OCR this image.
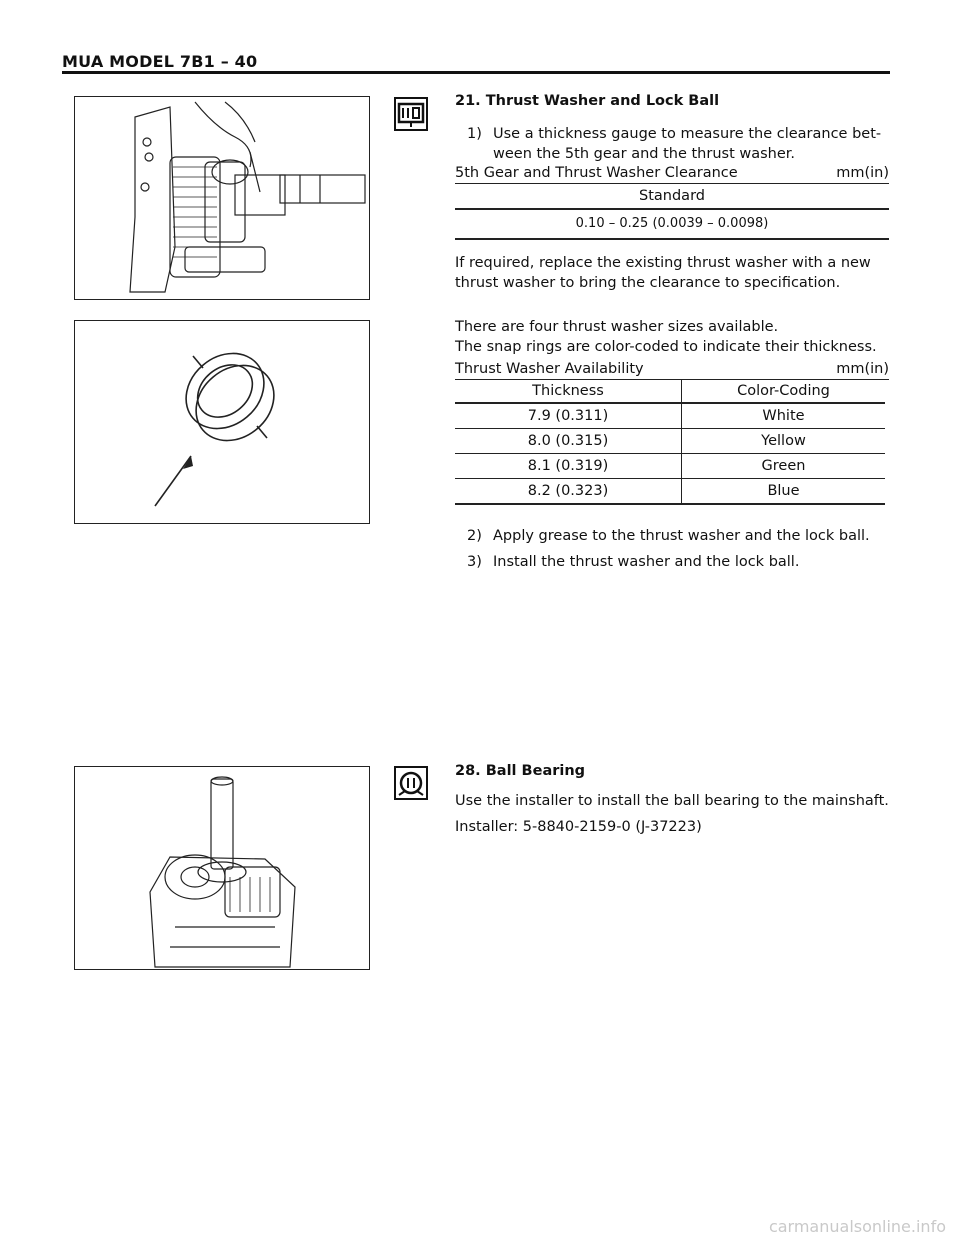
MUA MODEL 7B1 – 40
21. Thrust Washer and Lock Ball
1) Use a thickness gauge to measure the clearance bet-
ween the 5th gear and the thrust washer.
5th Gear and Thrust Washer Clearance	mm(in)
Standard
0.10 – 0.25 (0.0039 – 0.0098)
If required, replace the existing thrust washer with a new
thrust washer to bring the clearance to specification.
There are four thrust washer sizes available.
The snap rings are color-coded to indicate their thickness.
Thrust Washer Availability	mm(in)
Thickness	Color-Coding
7.9 (0.311)	White
8.0 (0.315)	Yellow
8.1 (0.319)	Green
8.2 (0.323)	Blue
2) Apply grease to the thrust washer and the lock ball.
3) Install the thrust washer and the lock ball.
28. Ball Bearing
Use the installer to install the ball bearing to the mainshaft.
Installer: 5-8840-2159-0 (J-37223)
carmanualsonline.info
